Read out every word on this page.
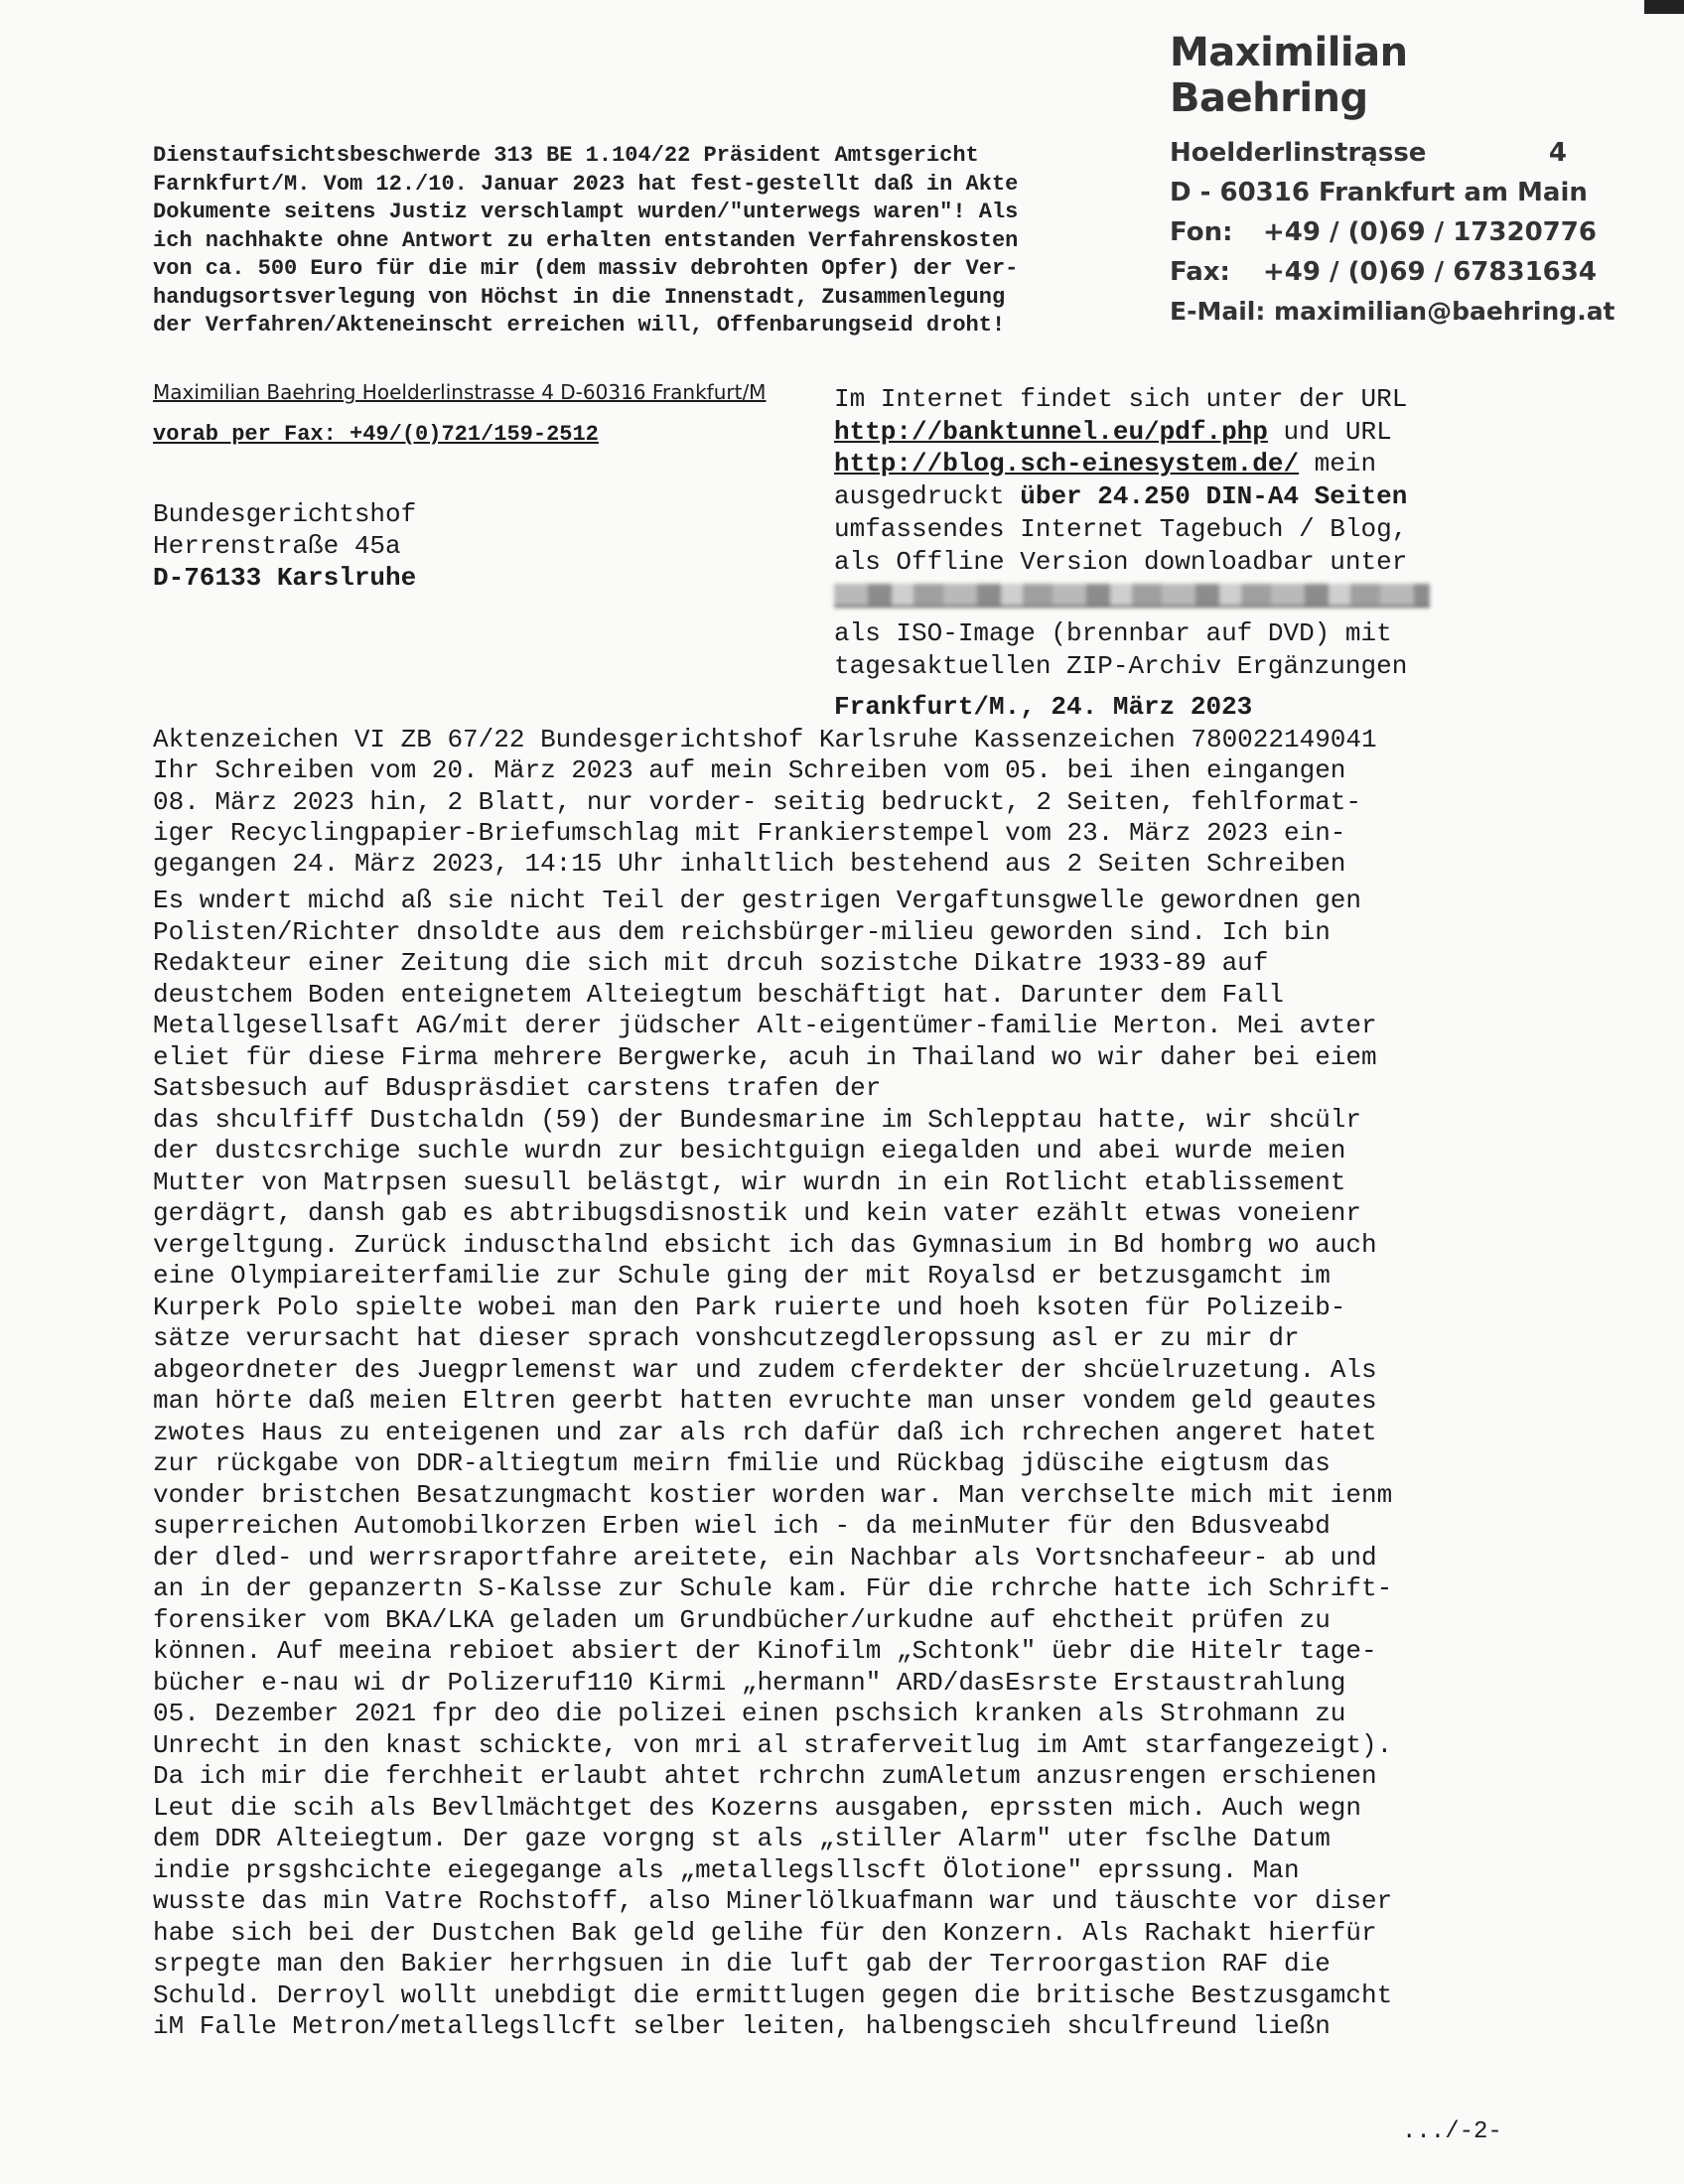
Maximilian Baehring
Hoelderlinstrąsse	4
D - 60316 Frankfurt am Main
Fon: +49 / (0)69 / 17320776
Fax: +49 / (0)69 / 67831634
E-Mail: maximilian@baehring.at
Dienstaufsichtsbeschwerde 313 BE 1.104/22 Präsident Amtsgericht
Farnkfurt/M. Vom 12./10. Januar 2023 hat fest-gestellt daß in Akte
Dokumente seitens Justiz verschlampt wurden/"unterwegs waren"! Als
ich nachhakte ohne Antwort zu erhalten entstanden Verfahrenskosten
von ca. 500 Euro für die mir (dem massiv debrohten Opfer) der Ver-
handugsortsverlegung von Höchst in die Innenstadt, Zusammenlegung
der Verfahren/Akteneinscht erreichen will, Offenbarungseid droht!
Maximilian Baehring Hoelderlinstrasse 4 D-60316 Frankfurt/M
vorab per Fax: +49/(0)721/159-2512
Bundesgerichtshof
Herrenstraße 45a
D-76133 Karslruhe
Im Internet findet sich unter der URL
http://banktunnel.eu/pdf.php und URL
http://blog.sch-einesystem.de/ mein
ausgedruckt über 24.250 DIN-A4 Seiten
umfassendes Internet Tagebuch / Blog,
als Offline Version downloadbar unter
als ISO-Image (brennbar auf DVD) mit
tagesaktuellen ZIP-Archiv Ergänzungen
Frankfurt/M., 24. März 2023
Aktenzeichen VI ZB 67/22 Bundesgerichtshof Karlsruhe Kassenzeichen 780022149041
Ihr Schreiben vom 20. März 2023 auf mein Schreiben vom 05. bei ihen eingangen
08. März 2023 hin, 2 Blatt, nur vorder- seitig bedruckt, 2 Seiten, fehlformat-
iger Recyclingpapier-Briefumschlag mit Frankierstempel vom 23. März 2023 ein-
gegangen 24. März 2023, 14:15 Uhr inhaltlich bestehend aus 2 Seiten Schreiben
Es wndert michd aß sie nicht Teil der gestrigen Vergaftunsgwelle gewordnen gen
Polisten/Richter dnsoldte aus dem reichsbürger-milieu geworden sind. Ich bin
Redakteur einer Zeitung die sich mit drcuh sozistche Dikatre 1933-89 auf
deustchem Boden enteignetem Alteiegtum beschäftigt hat. Darunter dem Fall
Metallgesellsaft AG/mit derer jüdscher Alt-eigentümer-familie Merton. Mei avter
eliet für diese Firma mehrere Bergwerke, acuh in Thailand wo wir daher bei eiem
Satsbesuch auf Bduspräsdiet carstens trafen der
das shculfiff Dustchaldn (59) der Bundesmarine im Schlepptau hatte, wir shcülr
der dustcsrchige suchle wurdn zur besichtguign eiegalden und abei wurde meien
Mutter von Matrpsen suesull belästgt, wir wurdn in ein Rotlicht etablissement
gerdägrt, dansh gab es abtribugsdisnostik und kein vater ezählt etwas voneienr
vergeltgung. Zurück induscthalnd ebsicht ich das Gymnasium in Bd hombrg wo auch
eine Olympiareiterfamilie zur Schule ging der mit Royalsd er betzusgamcht im
Kurperk Polo spielte wobei man den Park ruierte und hoeh ksoten für Polizeib-
sätze verursacht hat dieser sprach vonshcutzegdleropssung asl er zu mir dr
abgeordneter des Juegprlemenst war und zudem cferdekter der shcüelruzetung. Als
man hörte daß meien Eltren geerbt hatten evruchte man unser vondem geld geautes
zwotes Haus zu enteigenen und zar als rch dafür daß ich rchrechen angeret hatet
zur rückgabe von DDR-altiegtum meirn fmilie und Rückbag jdüscihe eigtusm das
vonder bristchen Besatzungmacht kostier worden war. Man verchselte mich mit ienm
superreichen Automobilkorzen Erben wiel ich - da meinMuter für den Bdusveabd
der dled- und werrsraportfahre areitete, ein Nachbar als Vortsnchafeeur- ab und
an in der gepanzertn S-Kalsse zur Schule kam. Für die rchrche hatte ich Schrift-
forensiker vom BKA/LKA geladen um Grundbücher/urkudne auf ehctheit prüfen zu
können. Auf meeina rebioet absiert der Kinofilm „Schtonk" üebr die Hitelr tage-
bücher e-nau wi dr Polizeruf110 Kirmi „hermann" ARD/dasEsrste Erstaustrahlung
05. Dezember 2021 fpr deo die polizei einen pschsich kranken als Strohmann zu
Unrecht in den knast schickte, von mri al straferveitlug im Amt starfangezeigt).
Da ich mir die ferchheit erlaubt ahtet rchrchn zumAletum anzusrengen erschienen
Leut die scih als Bevllmächtget des Kozerns ausgaben, eprssten mich. Auch wegn
dem DDR Alteiegtum. Der gaze vorgng st als „stiller Alarm" uter fsclhe Datum
indie prsgshcichte eiegegange als „metallegsllscft Ölotione" eprssung. Man
wusste das min Vatre Rochstoff, also Minerlölkuafmann war und täuschte vor diser
habe sich bei der Dustchen Bak geld gelihe für den Konzern. Als Rachakt hierfür
srpegte man den Bakier herrhgsuen in die luft gab der Terroorgastion RAF die
Schuld. Derroyl wollt unebdigt die ermittlugen gegen die britische Bestzusgamcht
iM Falle Metron/metallegsllcft selber leiten, halbengscieh shculfreund ließn
.../-2-
